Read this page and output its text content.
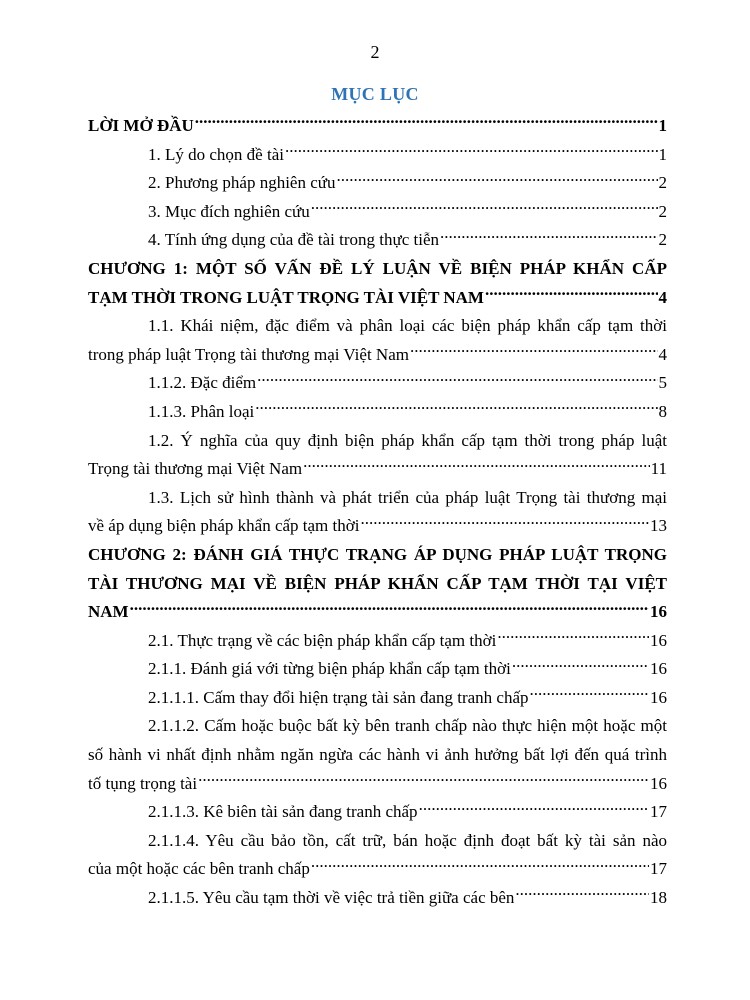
2
MỤC LỤC
LỜI MỞ ĐẦU .....	1
1. Lý do chọn đề tài .....	1
2. Phương pháp nghiên cứu .....	2
3. Mục đích nghiên cứu .....	2
4. Tính ứng dụng của đề tài trong thực tiễn .....	2
CHƯƠNG 1: MỘT SỐ VẤN ĐỀ LÝ LUẬN VỀ BIỆN PHÁP KHẨN CẤP
TẠM THỜI TRONG LUẬT TRỌNG TÀI VIỆT NAM .....	4
1.1. Khái niệm, đặc điểm và phân loại các biện pháp khẩn cấp tạm thời
trong pháp luật Trọng tài thương mại Việt Nam .....	4
1.1.2. Đặc điểm .....	5
1.1.3. Phân loại .....	8
1.2. Ý nghĩa của quy định biện pháp khẩn cấp tạm thời trong pháp luật
Trọng tài thương mại Việt Nam .....	11
1.3. Lịch sử hình thành và phát triển của pháp luật Trọng tài thương mại
về áp dụng biện pháp khẩn cấp tạm thời .....	13
CHƯƠNG 2: ĐÁNH GIÁ THỰC TRẠNG ÁP DỤNG PHÁP LUẬT TRỌNG
TÀI THƯƠNG MẠI VỀ BIỆN PHÁP KHẨN CẤP TẠM THỜI TẠI VIỆT
NAM .....	16
2.1. Thực trạng về các biện pháp khẩn cấp tạm thời .....	16
2.1.1. Đánh giá với từng biện pháp khẩn cấp tạm thời .....	16
2.1.1.1. Cấm thay đổi hiện trạng tài sản đang tranh chấp .....	16
2.1.1.2. Cấm hoặc buộc bất kỳ bên tranh chấp nào thực hiện một hoặc một
số hành vi nhất định nhằm ngăn ngừa các hành vi ảnh hưởng bất lợi đến quá trình
tố tụng trọng tài .....	16
2.1.1.3. Kê biên tài sản đang tranh chấp .....	17
2.1.1.4. Yêu cầu bảo tồn, cất trữ, bán hoặc định đoạt bất kỳ tài sản nào
của một hoặc các bên tranh chấp .....	17
2.1.1.5. Yêu cầu tạm thời về việc trả tiền giữa các bên .....	18
